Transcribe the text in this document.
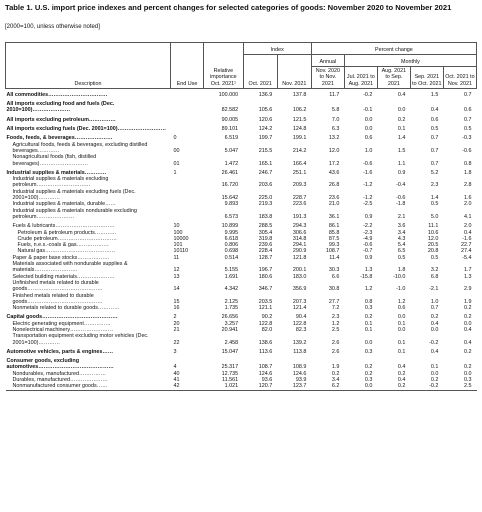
Table 1. U.S. import price indexes and percent changes for selected categories of goods: November 2020 to November 2021
[2000=100, unless otherwise noted]
Description	End Use	Relative importance Oct. 2021¹	Index		Percent change				
			Oct. 2021	Nov. 2021	Annual	Monthly			
					Nov. 2020 to Nov. 2021	Jul. 2021 to Aug. 2021	Aug. 2021 to Sep. 2021	Sep. 2021 to Oct. 2021	Oct. 2021 to Nov. 2021
All commodities……………………………		100.000	136.9	137.8	11.7	-0.2	0.4	1.5	0.7
All imports excluding food and fuels (Dec. 2010=100)…………………		82.582	105.6	106.2	5.8	-0.1	0.0	0.4	0.6
All imports excluding petroleum……………		90.005	120.6	121.5	7.0	0.0	0.2	0.6	0.7
All imports excluding fuels (Dec. 2001=100)………………………		89.101	124.2	124.8	6.3	0.0	0.1	0.5	0.5
Foods, feeds, & beverages…………………	0	6.519	199.7	199.1	13.2	0.6	1.4	0.7	-0.3
Agricultural foods, feeds & beverages, excluding distilled beverages…………	00	5.047	215.5	214.2	12.0	1.0	1.5	0.7	-0.6
Nonagricultural foods (fish, distilled beverages)………………………	01	1.472	165.1	166.4	17.2	-0.6	1.1	0.7	0.8
Industrial supplies & materials…………	1	26.461	246.7	251.1	43.6	-1.6	0.9	5.2	1.8
Industrial supplies & materials excluding petroleum…………………………		16.720	203.6	209.3	26.8	-1.2	-0.4	2.3	2.8
Industrial supplies & materials excluding fuels (Dec. 2001=100)…………		15.642	225.0	228.7	23.6	-1.2	-0.6	1.4	1.6
Industrial supplies & materials, durable……		9.893	219.3	223.6	21.0	-2.5	-1.8	0.5	2.0
Industrial supplies & materials nondurable excluding petroleum…………………		6.573	183.8	191.3	36.1	0.9	2.1	5.0	4.1
Fuels & lubricants……………………………	10	10.899	288.5	294.3	86.1	-2.2	3.6	11.1	2.0
Petroleum & petroleum products…………	100	9.995	305.4	306.6	85.8	-2.3	3.4	10.6	0.4
Crude petroleum……………………………	10000	6.618	319.8	314.8	87.5	-4.9	4.3	12.0	-1.6
Fuels, n.e.s.-coals & gas………………	101	0.806	239.6	294.1	99.3	-0.6	5.4	20.5	22.7
Natural gas…………………………………	10110	0.698	228.4	290.9	108.7	-0.7	6.5	20.8	27.4
Paper & paper base stocks………………	11	0.514	128.7	121.8	11.4	0.9	0.5	0.5	-5.4
Materials associated with nondurable supplies & materials……………………	12	5.155	196.7	200.1	30.3	1.3	1.8	3.2	1.7
Selected building materials…………………	13	1.691	180.6	183.0	6.6	-15.8	-10.0	6.8	1.3
Unfinished metals related to durable goods……………………………………	14	4.342	346.7	356.9	30.8	1.2	-1.0	-2.1	2.9
Finished metals related to durable goods……………………………………	15	2.125	203.5	207.3	27.7	0.8	1.2	1.0	1.9
Nonmetals related to durable goods…………	16	1.735	121.1	121.4	7.2	0.3	0.6	0.7	0.2
Capital goods……………………………………	2	26.656	90.2	90.4	2.3	0.2	0.0	0.2	0.2
Electric generating equipment……………	20	3.257	122.8	122.8	1.2	0.1	0.1	0.4	0.0
Nonelectrical machinery……………………	21	20.941	82.0	82.3	2.5	0.1	0.0	0.0	0.4
Transportation equipment excluding motor vehicles (Dec. 2001=100)…………	22	2.458	138.6	139.2	2.6	0.0	0.1	-0.2	0.4
Automotive vehicles, parts & engines……	3	15.047	113.6	113.8	2.6	0.3	0.1	0.4	0.2
Consumer goods, excluding automotives……………………………………	4	25.317	108.7	108.9	1.9	0.2	0.4	0.1	0.2
Nondurables, manufactured……………	40	12.735	124.6	124.6	0.2	0.2	0.2	0.0	0.0
Durables, manufactured…………………	41	11.561	93.6	93.9	3.4	0.3	0.4	0.2	0.3
Nonmanufactured consumer goods……	42	1.021	120.7	123.7	6.2	0.0	0.2	-0.2	2.5
